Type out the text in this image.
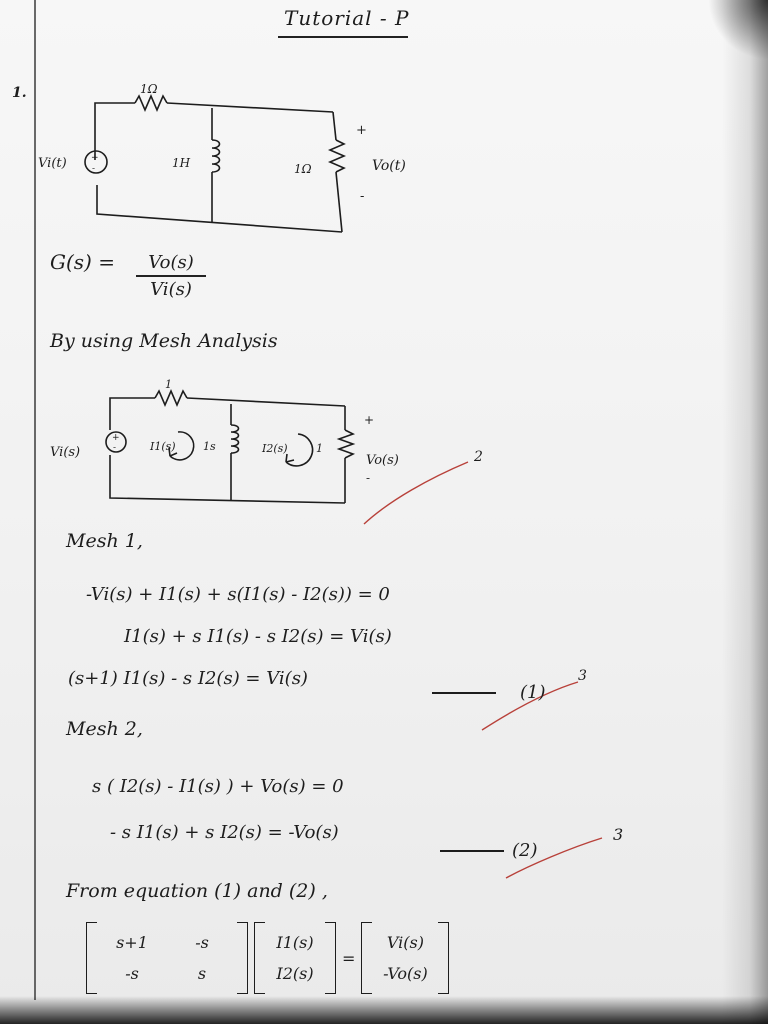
Tutorial - P
1.
+
-
Vi(t)
1Ω
1H	1Ω
+
Vo(t)
-
G(s) =	Vo(s)
Vi(s)
By using Mesh Analysis
+
-
Vi(s)
1
I1(s) 1s	I2(s)	1
+
Vo(s)
-
2
3
3
Mesh 1,
-Vi(s) + I1(s) + s(I1(s) - I2(s)) = 0
I1(s) + s I1(s) - s I2(s) = Vi(s)
(s+1) I1(s) - s I2(s) = Vi(s)
(1)
Mesh 2,
s ( I2(s) - I1(s) ) + Vo(s) = 0
- s I1(s) + s I2(s) = -Vo(s)
(2)
From equation (1) and (2) ,
s+1	-s
-s	s
I1(s)
I2(s)
=
Vi(s)
-Vo(s)
